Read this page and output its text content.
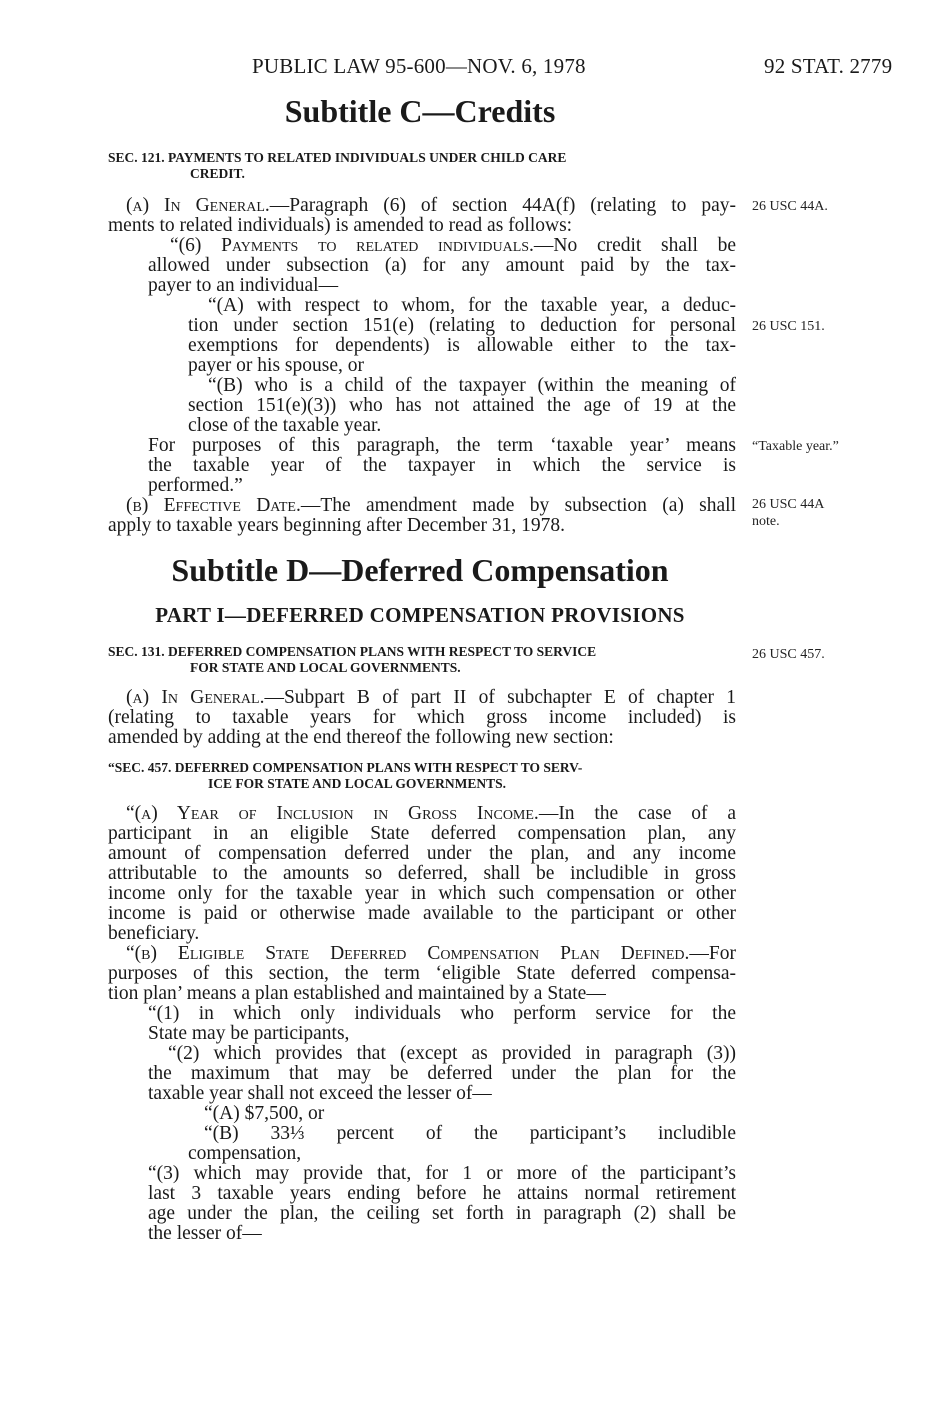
PUBLIC LAW 95-600—NOV. 6, 1978	92 STAT. 2779
Subtitle C—Credits
SEC. 121. PAYMENTS TO RELATED INDIVIDUALS UNDER CHILD CARE
CREDIT.
(a) In General.—Paragraph (6) of section 44A(f) (relating to pay-
ments to related individuals) is amended to read as follows:
“(6) Payments to related individuals.—No credit shall be
allowed under subsection (a) for any amount paid by the tax-
payer to an individual—
“(A) with respect to whom, for the taxable year, a deduc-
tion under section 151(e) (relating to deduction for personal
exemptions for dependents) is allowable either to the tax-
payer or his spouse, or
“(B) who is a child of the taxpayer (within the meaning of
section 151(e)(3)) who has not attained the age of 19 at the
close of the taxable year.
For purposes of this paragraph, the term ‘taxable year’ means
the taxable year of the taxpayer in which the service is
performed.”
(b) Effective Date.—The amendment made by subsection (a) shall
apply to taxable years beginning after December 31, 1978.
Subtitle D—Deferred Compensation
PART I—DEFERRED COMPENSATION PROVISIONS
SEC. 131. DEFERRED COMPENSATION PLANS WITH RESPECT TO SERVICE
FOR STATE AND LOCAL GOVERNMENTS.
(a) In General.—Subpart B of part II of subchapter E of chapter 1
(relating to taxable years for which gross income included) is
amended by adding at the end thereof the following new section:
“SEC. 457. DEFERRED COMPENSATION PLANS WITH RESPECT TO SERV-
ICE FOR STATE AND LOCAL GOVERNMENTS.
“(a) Year of Inclusion in Gross Income.—In the case of a
participant in an eligible State deferred compensation plan, any
amount of compensation deferred under the plan, and any income
attributable to the amounts so deferred, shall be includible in gross
income only for the taxable year in which such compensation or other
income is paid or otherwise made available to the participant or other
beneficiary.
“(b) Eligible State Deferred Compensation Plan Defined.—For
purposes of this section, the term ‘eligible State deferred compensa-
tion plan’ means a plan established and maintained by a State—
“(1) in which only individuals who perform service for the
State may be participants,
“(2) which provides that (except as provided in paragraph (3))
the maximum that may be deferred under the plan for the
taxable year shall not exceed the lesser of—
“(A) $7,500, or
“(B) 33⅓ percent of the participant’s includible
compensation,
“(3) which may provide that, for 1 or more of the participant’s
last 3 taxable years ending before he attains normal retirement
age under the plan, the ceiling set forth in paragraph (2) shall be
the lesser of—
26 USC 44A.
26 USC 151.
“Taxable year.”
26 USC 44A
note.
26 USC 457.
